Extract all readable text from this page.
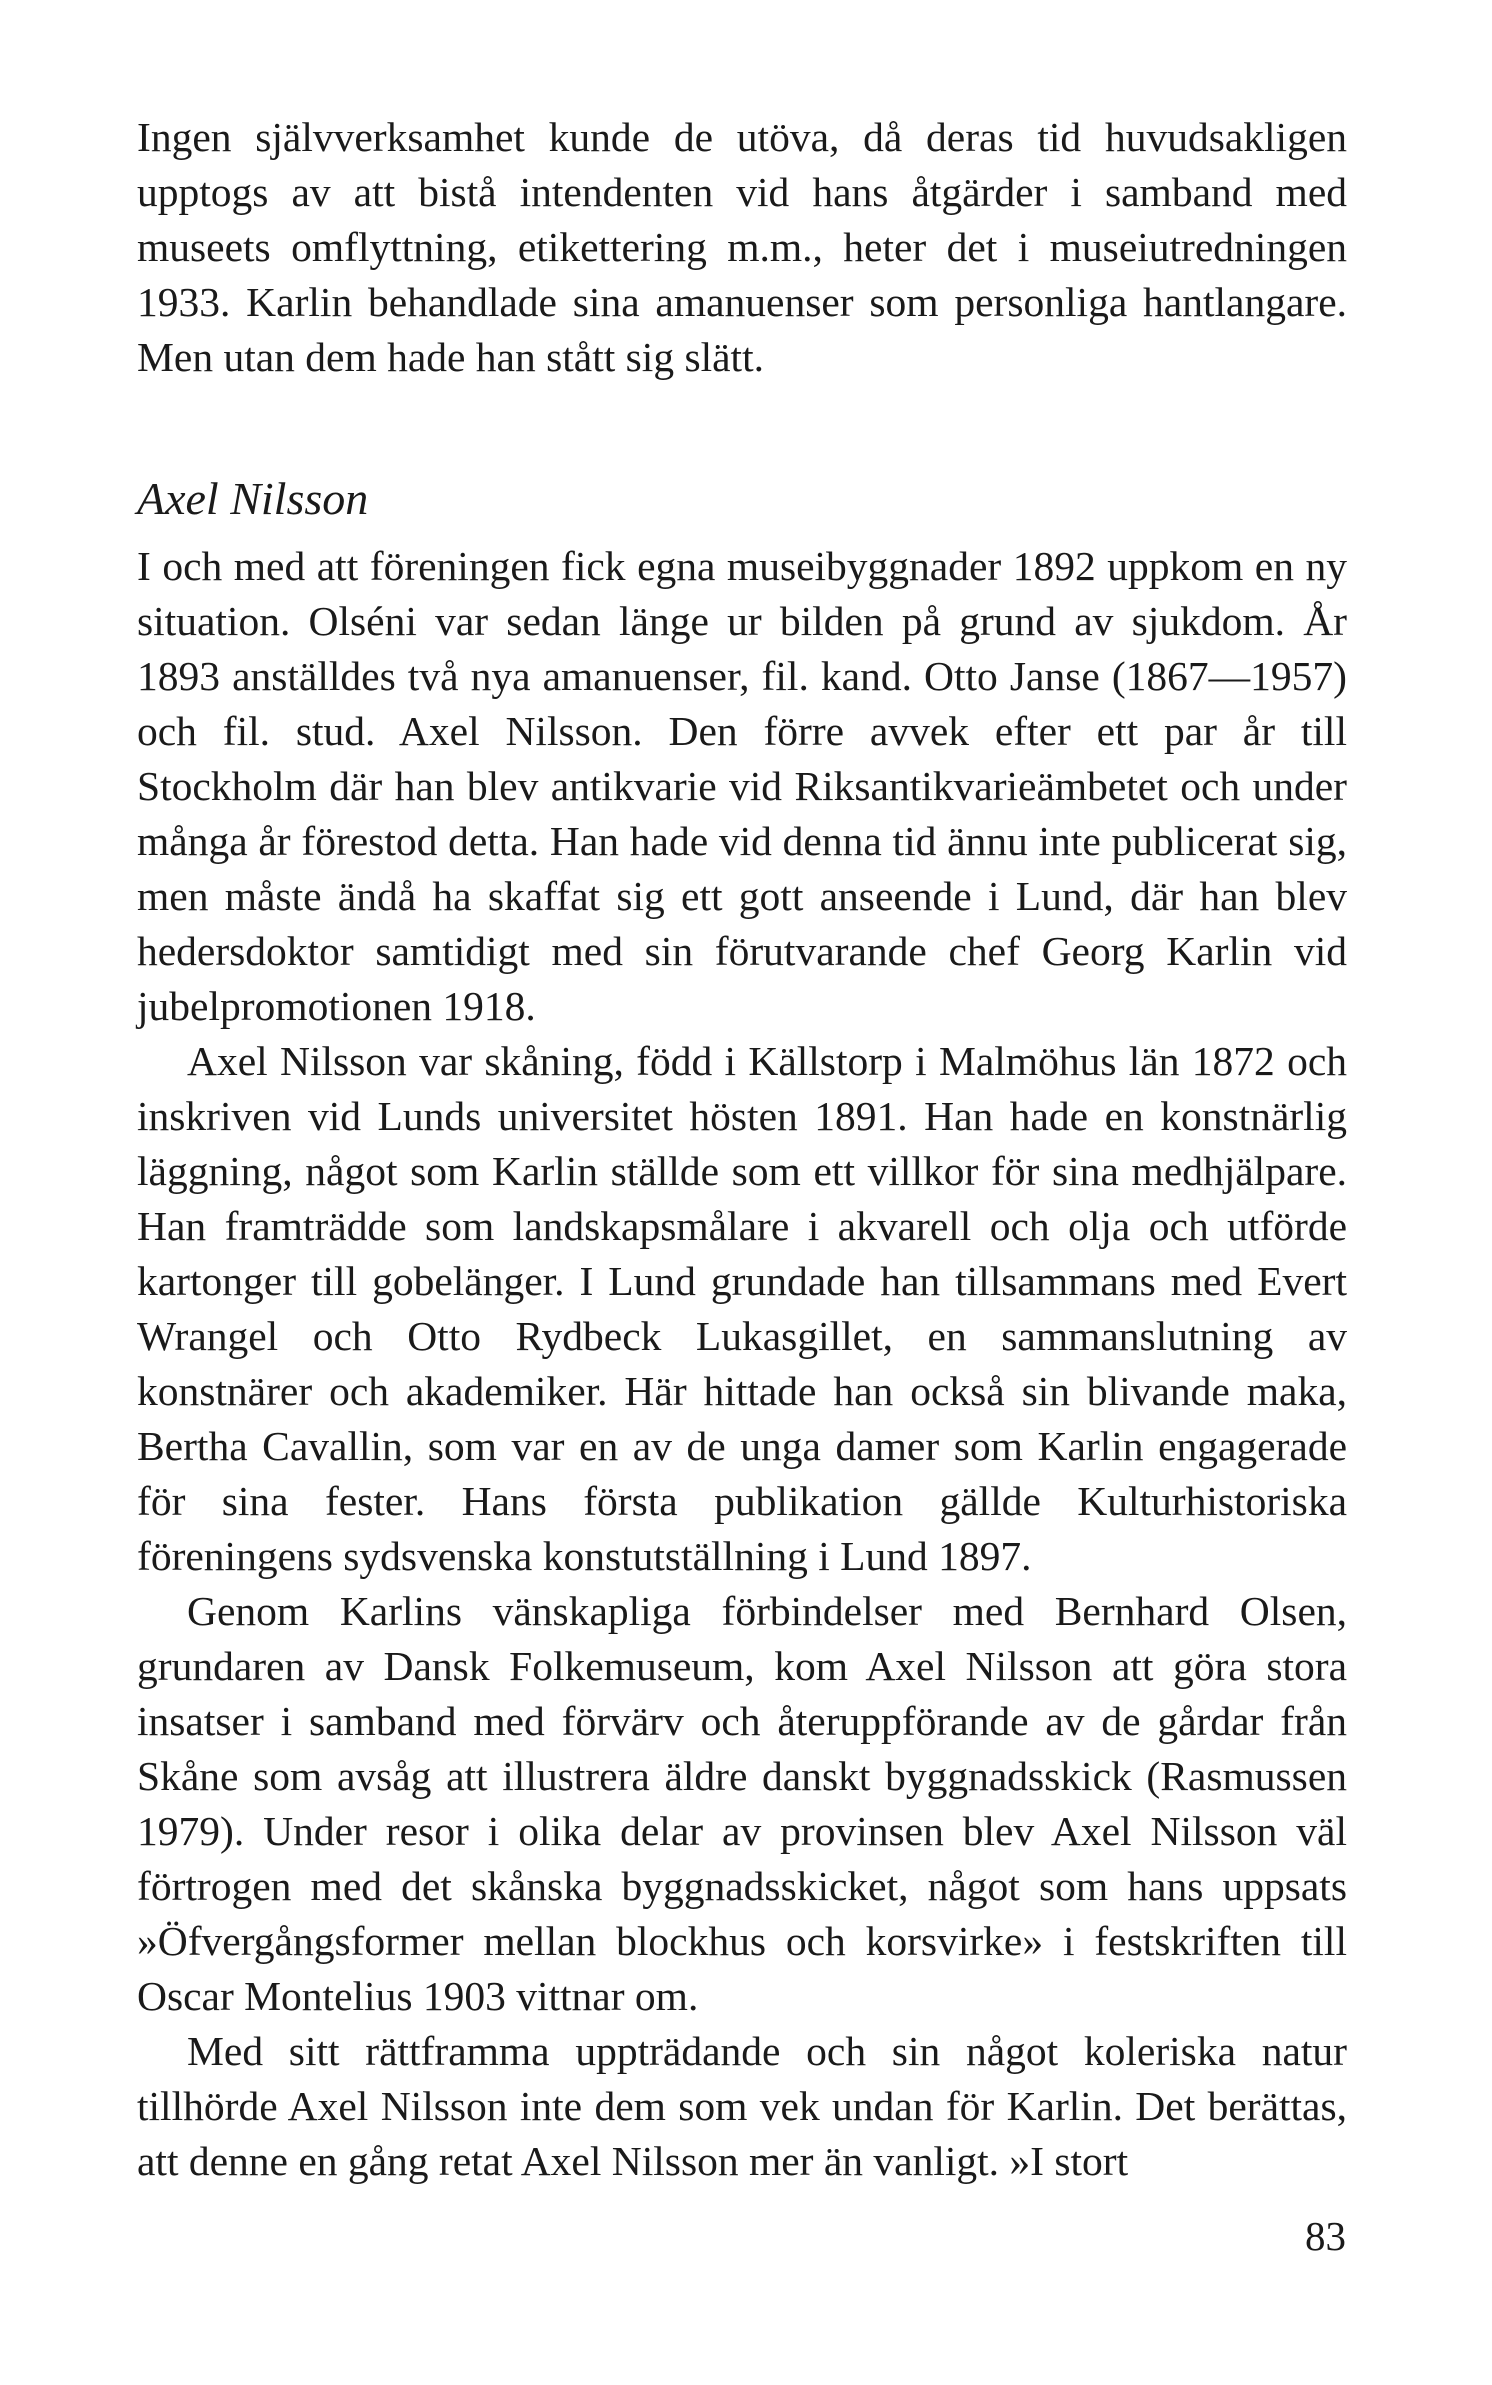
Ingen självverksamhet kunde de utöva, då deras tid huvudsakligen upptogs av att bistå intendenten vid hans åtgärder i samband med museets omflyttning, etikettering m.m., heter det i museiutredningen 1933. Karlin behandlade sina amanuenser som personliga hantlangare. Men utan dem hade han stått sig slätt.

Axel Nilsson

I och med att föreningen fick egna museibyggnader 1892 uppkom en ny situation. Olséni var sedan länge ur bilden på grund av sjukdom. År 1893 anställdes två nya amanuenser, fil. kand. Otto Janse (1867—1957) och fil. stud. Axel Nilsson. Den förre avvek efter ett par år till Stockholm där han blev antikvarie vid Riksantikvarieämbetet och under många år förestod detta. Han hade vid denna tid ännu inte publicerat sig, men måste ändå ha skaffat sig ett gott anseende i Lund, där han blev hedersdoktor samtidigt med sin förutvarande chef Georg Karlin vid jubelpromotionen 1918.

Axel Nilsson var skåning, född i Källstorp i Malmöhus län 1872 och inskriven vid Lunds universitet hösten 1891. Han hade en konstnärlig läggning, något som Karlin ställde som ett villkor för sina medhjälpare. Han framträdde som landskapsmålare i akvarell och olja och utförde kartonger till gobelänger. I Lund grundade han tillsammans med Evert Wrangel och Otto Rydbeck Lukasgillet, en sammanslutning av konstnärer och akademiker. Här hittade han också sin blivande maka, Bertha Cavallin, som var en av de unga damer som Karlin engagerade för sina fester. Hans första publikation gällde Kulturhistoriska föreningens sydsvenska konstutställning i Lund 1897.

Genom Karlins vänskapliga förbindelser med Bernhard Olsen, grundaren av Dansk Folkemuseum, kom Axel Nilsson att göra stora insatser i samband med förvärv och återuppförande av de gårdar från Skåne som avsåg att illustrera äldre danskt byggnadsskick (Rasmussen 1979). Under resor i olika delar av provinsen blev Axel Nilsson väl förtrogen med det skånska byggnadsskicket, något som hans uppsats »Öfvergångsformer mellan blockhus och korsvirke» i festskriften till Oscar Montelius 1903 vittnar om.

Med sitt rättframma uppträdande och sin något koleriska natur tillhörde Axel Nilsson inte dem som vek undan för Karlin. Det berättas, att denne en gång retat Axel Nilsson mer än vanligt. »I stort

83
